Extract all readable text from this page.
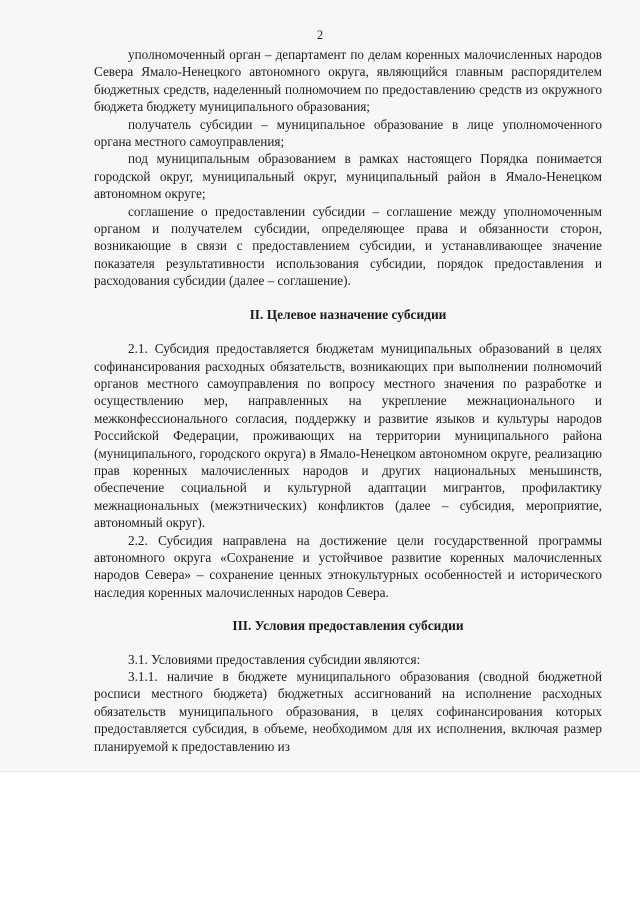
2

уполномоченный орган – департамент по делам коренных малочисленных народов Севера Ямало-Ненецкого автономного округа, являющийся главным распорядителем бюджетных средств, наделенный полномочием по предоставлению средств из окружного бюджета бюджету муниципального образования;

получатель субсидии – муниципальное образование в лице уполномоченного органа местного самоуправления;

под муниципальным образованием в рамках настоящего Порядка понимается городской округ, муниципальный округ, муниципальный район в Ямало-Ненецком автономном округе;

соглашение о предоставлении субсидии – соглашение между уполномоченным органом и получателем субсидии, определяющее права и обязанности сторон, возникающие в связи с предоставлением субсидии, и устанавливающее значение показателя результативности использования субсидии, порядок предоставления и расходования субсидии (далее – соглашение).

II. Целевое назначение субсидии

2.1. Субсидия предоставляется бюджетам муниципальных образований в целях софинансирования расходных обязательств, возникающих при выполнении полномочий органов местного самоуправления по вопросу местного значения по разработке и осуществлению мер, направленных на укрепление межнационального и межконфессионального согласия, поддержку и развитие языков и культуры народов Российской Федерации, проживающих на территории муниципального района (муниципального, городского округа) в Ямало-Ненецком автономном округе, реализацию прав коренных малочисленных народов и других национальных меньшинств, обеспечение социальной и культурной адаптации мигрантов, профилактику межнациональных (межэтнических) конфликтов (далее – субсидия, мероприятие, автономный округ).

2.2. Субсидия направлена на достижение цели государственной программы автономного округа «Сохранение и устойчивое развитие коренных малочисленных народов Севера» – сохранение ценных этнокультурных особенностей и исторического наследия коренных малочисленных народов Севера.

III. Условия предоставления субсидии

3.1. Условиями предоставления субсидии являются:

3.1.1. наличие в бюджете муниципального образования (сводной бюджетной росписи местного бюджета) бюджетных ассигнований на исполнение расходных обязательств муниципального образования, в целях софинансирования которых предоставляется субсидия, в объеме, необходимом для их исполнения, включая размер планируемой к предоставлению из
